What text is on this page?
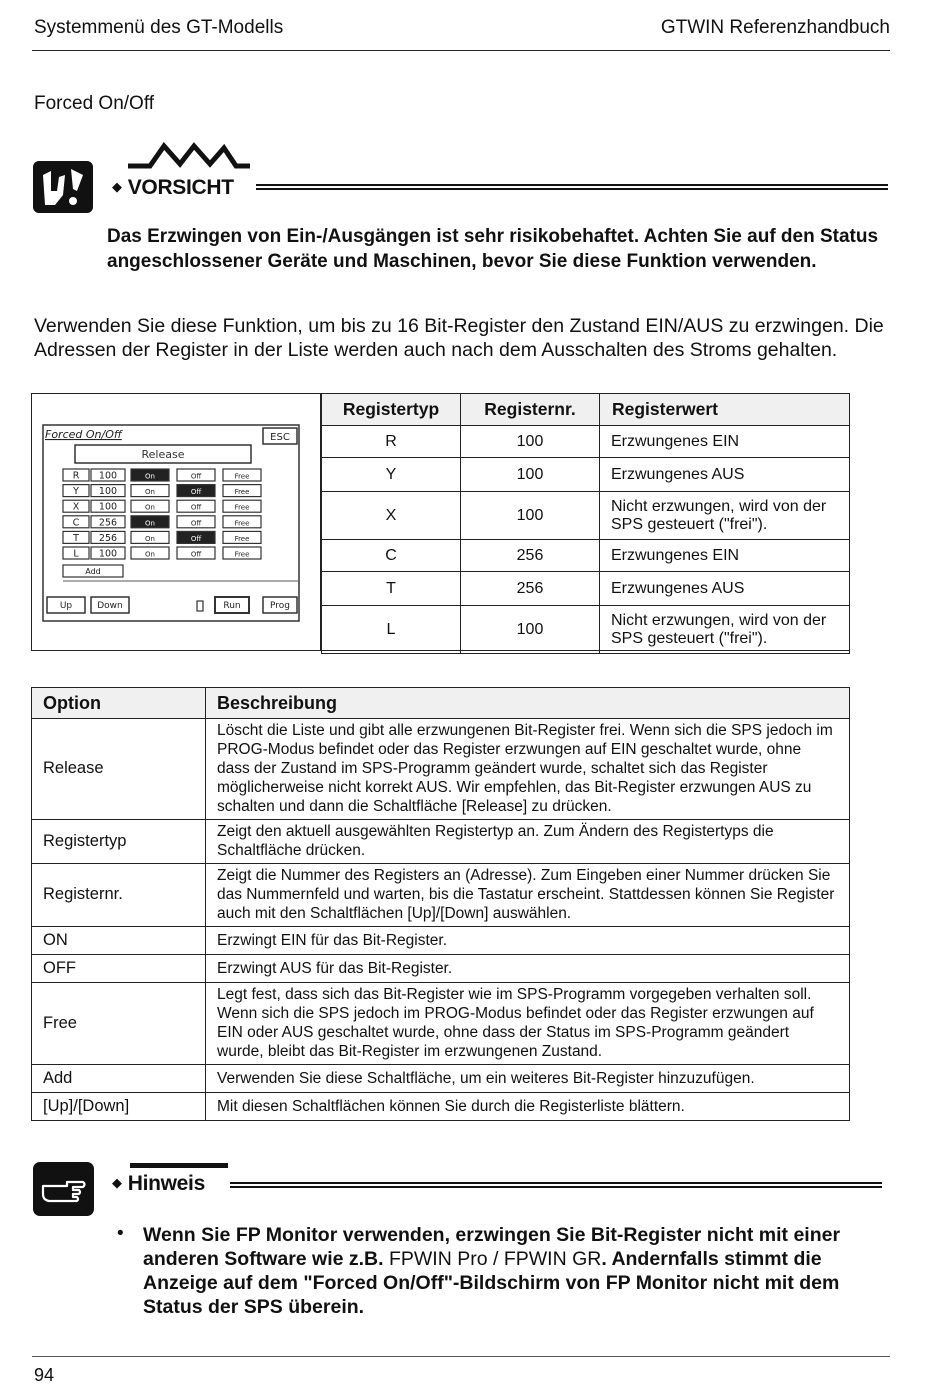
Systemmenü des GT-Modells	GTWIN Referenzhandbuch
Forced On/Off
◆ VORSICHT
Das Erzwingen von Ein-/Ausgängen ist sehr risikobehaftet. Achten Sie auf den Status angeschlossener Geräte und Maschinen, bevor Sie diese Funktion verwenden.
Verwenden Sie diese Funktion, um bis zu 16 Bit-Register den Zustand EIN/AUS zu erzwingen. Die Adressen der Register in der Liste werden auch nach dem Ausschalten des Stroms gehalten.
Forced On/Off	ESC
Release
R 100	On	Off	Free
Y 100	On	Off	Free
X 100	On	Off	Free
C 256	On	Off	Free
T 256	On	Off	Free
L 100	On	Off	Free
Add
Up	Down	Run	Prog
Registertyp	Registernr.	Registerwert
R	100	Erzwungenes EIN
Y	100	Erzwungenes AUS
X	100	Nicht erzwungen, wird von der SPS gesteuert ("frei").
C	256	Erzwungenes EIN
T	256	Erzwungenes AUS
L	100	Nicht erzwungen, wird von der SPS gesteuert ("frei").
Option	Beschreibung
Release	Löscht die Liste und gibt alle erzwungenen Bit-Register frei. Wenn sich die SPS jedoch im PROG-Modus befindet oder das Register erzwungen auf EIN geschaltet wurde, ohne dass der Zustand im SPS-Programm geändert wurde, schaltet sich das Register möglicherweise nicht korrekt AUS. Wir empfehlen, das Bit-Register erzwungen AUS zu schalten und dann die Schaltfläche [Release] zu drücken.
Registertyp	Zeigt den aktuell ausgewählten Registertyp an. Zum Ändern des Registertyps die Schaltfläche drücken.
Registernr.	Zeigt die Nummer des Registers an (Adresse). Zum Eingeben einer Nummer drücken Sie das Nummernfeld und warten, bis die Tastatur erscheint. Stattdessen können Sie Register auch mit den Schaltflächen [Up]/[Down] auswählen.
ON	Erzwingt EIN für das Bit-Register.
OFF	Erzwingt AUS für das Bit-Register.
Free	Legt fest, dass sich das Bit-Register wie im SPS-Programm vorgegeben verhalten soll. Wenn sich die SPS jedoch im PROG-Modus befindet oder das Register erzwungen auf EIN oder AUS geschaltet wurde, ohne dass der Status im SPS-Programm geändert wurde, bleibt das Bit-Register im erzwungenen Zustand.
Add	Verwenden Sie diese Schaltfläche, um ein weiteres Bit-Register hinzuzufügen.
[Up]/[Down]	Mit diesen Schaltflächen können Sie durch die Registerliste blättern.
◆ Hinweis
• Wenn Sie FP Monitor verwenden, erzwingen Sie Bit-Register nicht mit einer anderen Software wie z.B. FPWIN Pro / FPWIN GR. Andernfalls stimmt die Anzeige auf dem "Forced On/Off"-Bildschirm von FP Monitor nicht mit dem Status der SPS überein.
94
